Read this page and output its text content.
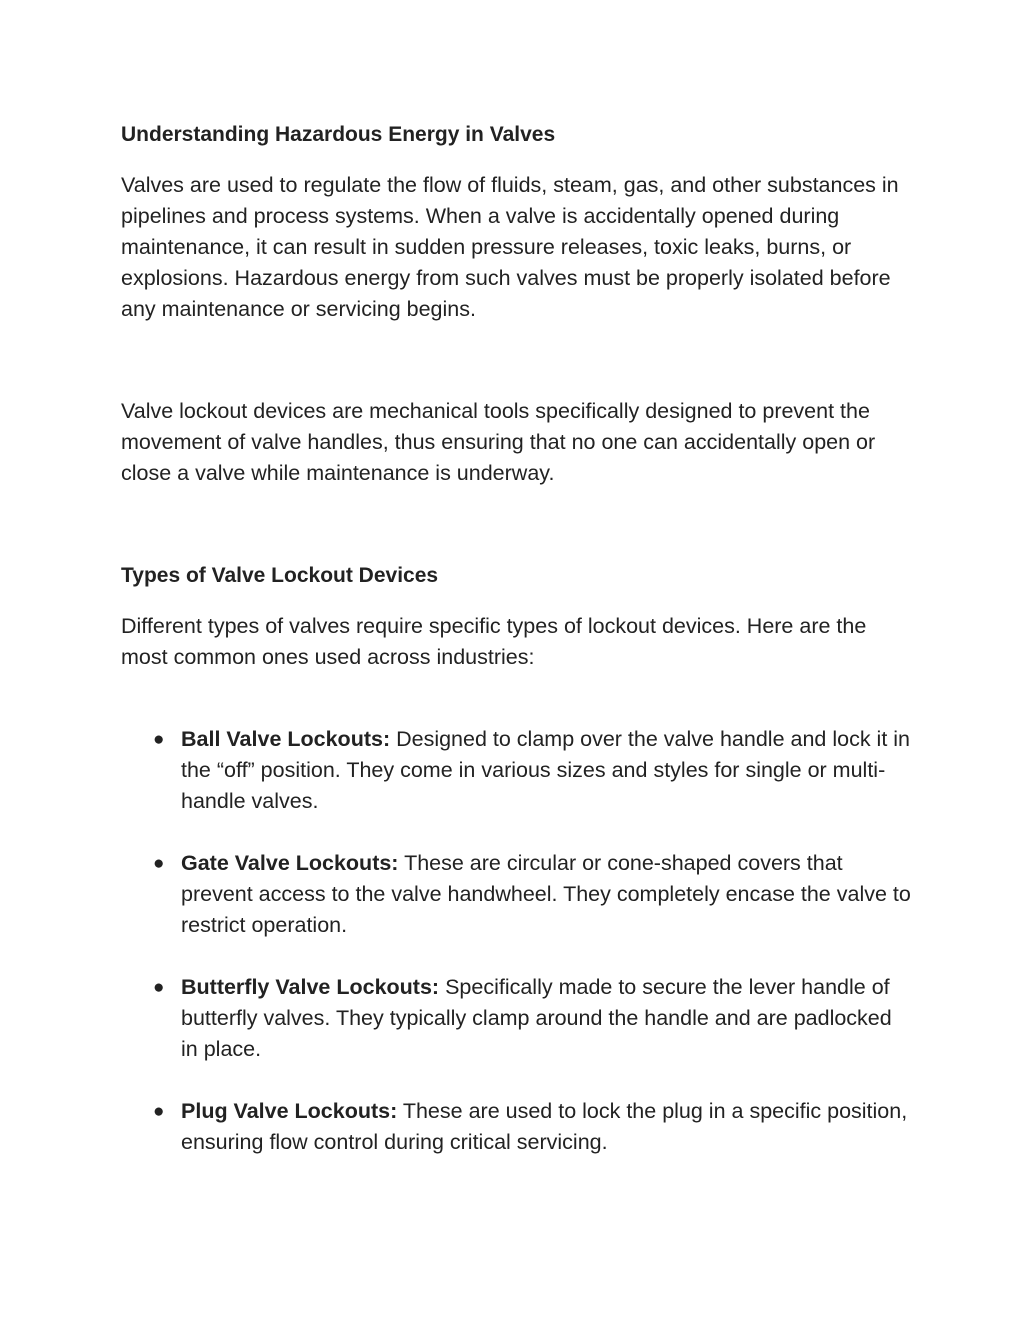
Understanding Hazardous Energy in Valves

Valves are used to regulate the flow of fluids, steam, gas, and other substances in pipelines and process systems. When a valve is accidentally opened during maintenance, it can result in sudden pressure releases, toxic leaks, burns, or explosions. Hazardous energy from such valves must be properly isolated before any maintenance or servicing begins.

Valve lockout devices are mechanical tools specifically designed to prevent the movement of valve handles, thus ensuring that no one can accidentally open or close a valve while maintenance is underway.

Types of Valve Lockout Devices

Different types of valves require specific types of lockout devices. Here are the most common ones used across industries:

● Ball Valve Lockouts: Designed to clamp over the valve handle and lock it in the “off” position. They come in various sizes and styles for single or multi-handle valves.

● Gate Valve Lockouts: These are circular or cone-shaped covers that prevent access to the valve handwheel. They completely encase the valve to restrict operation.

● Butterfly Valve Lockouts: Specifically made to secure the lever handle of butterfly valves. They typically clamp around the handle and are padlocked in place.

● Plug Valve Lockouts: These are used to lock the plug in a specific position, ensuring flow control during critical servicing.
